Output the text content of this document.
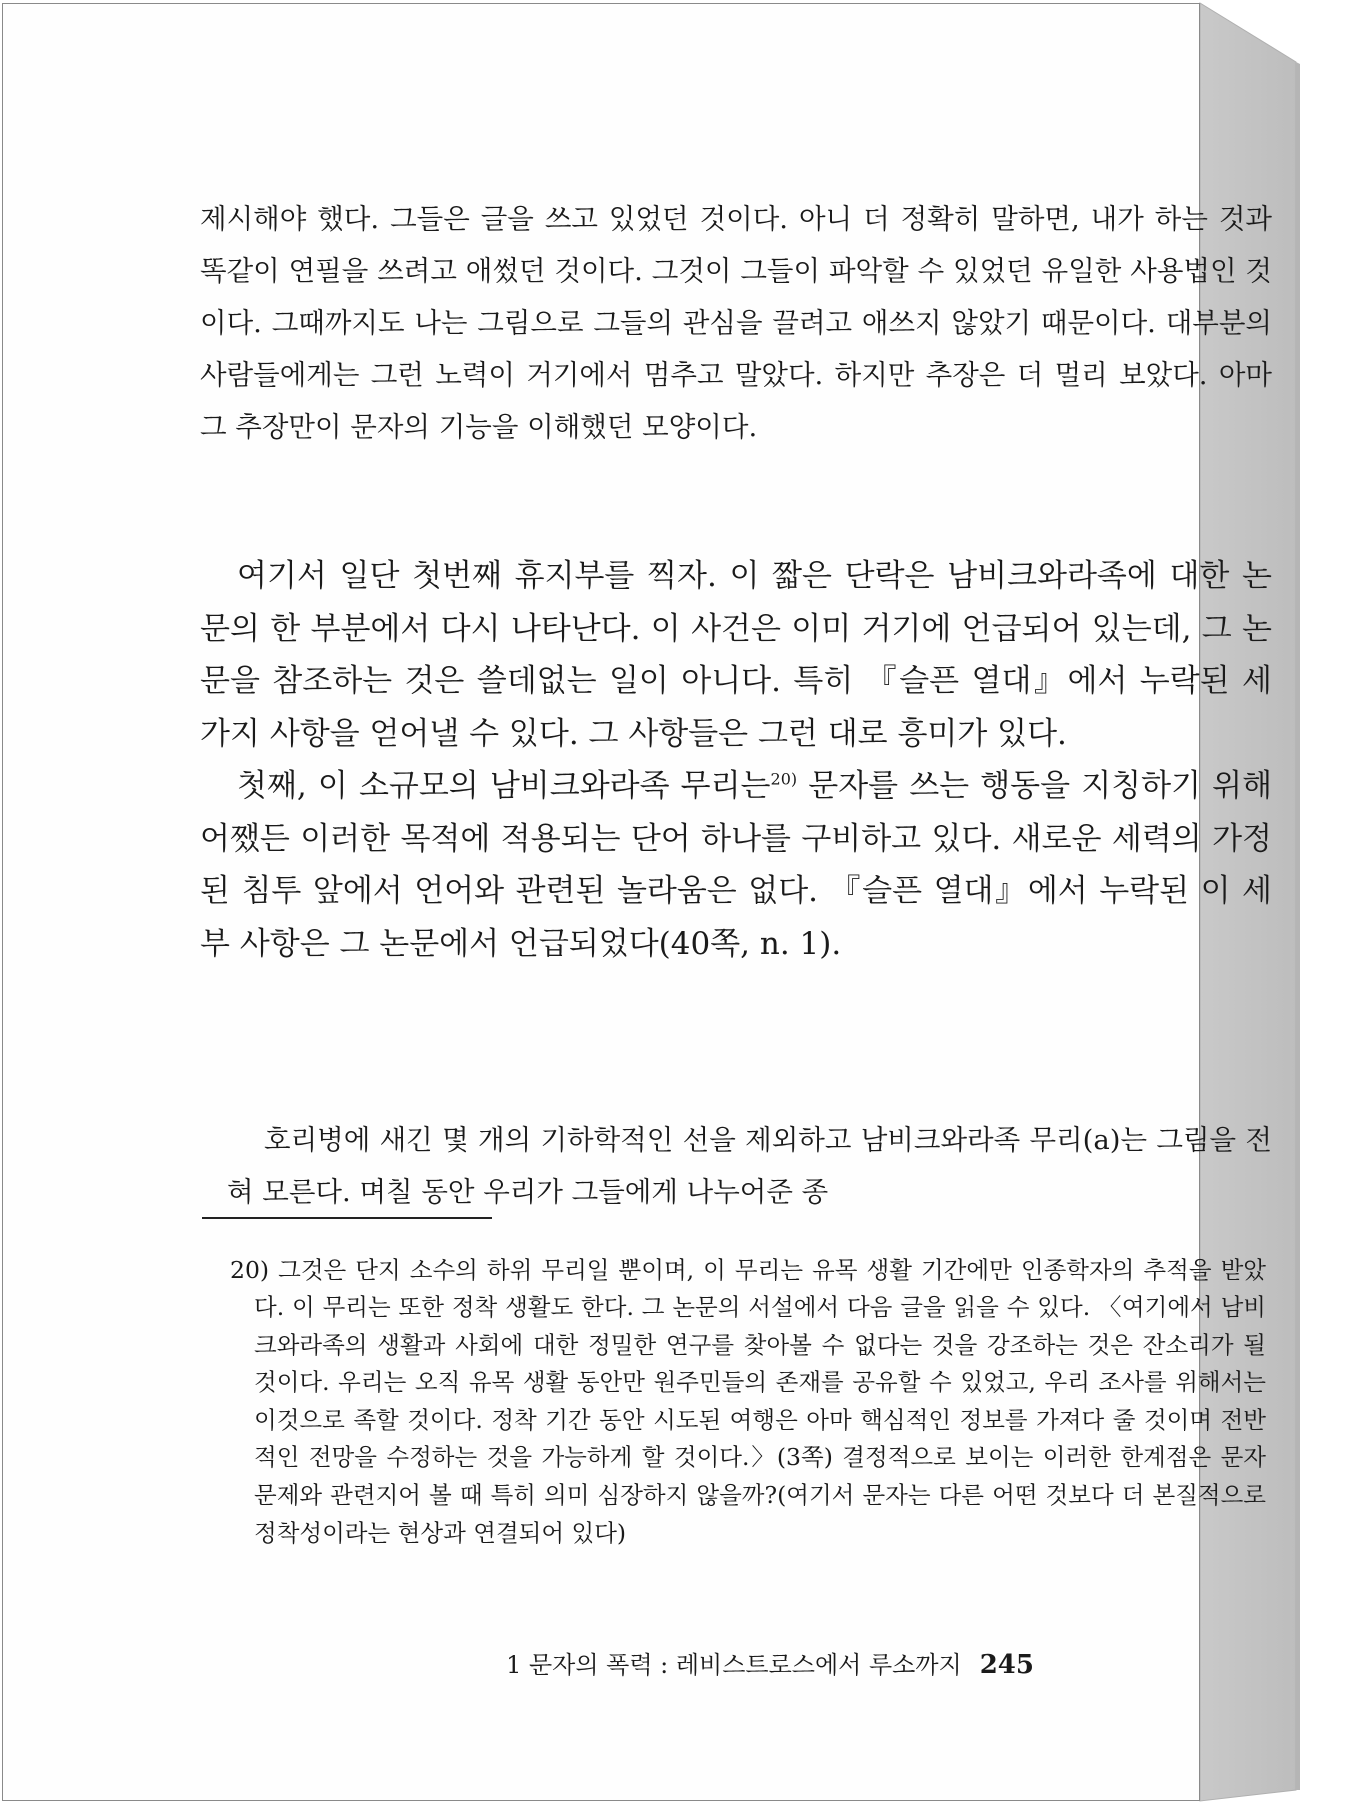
제시해야 했다. 그들은 글을 쓰고 있었던 것이다. 아니 더 정확히 말하면, 내가 하는 것과 똑같이 연필을 쓰려고 애썼던 것이다. 그것이 그들이 파악할 수 있었던 유일한 사용법인 것이다. 그때까지도 나는 그림으로 그들의 관심을 끌려고 애쓰지 않았기 때문이다. 대부분의 사람들에게는 그런 노력이 거기에서 멈추고 말았다. 하지만 추장은 더 멀리 보았다. 아마 그 추장만이 문자의 기능을 이해했던 모양이다.

여기서 일단 첫번째 휴지부를 찍자. 이 짧은 단락은 남비크와라족에 대한 논문의 한 부분에서 다시 나타난다. 이 사건은 이미 거기에 언급되어 있는데, 그 논문을 참조하는 것은 쓸데없는 일이 아니다. 특히 『슬픈 열대』에서 누락된 세 가지 사항을 얻어낼 수 있다. 그 사항들은 그런 대로 흥미가 있다.

첫째, 이 소규모의 남비크와라족 무리는$^{20)}$ 문자를 쓰는 행동을 지칭하기 위해 어쨌든 이러한 목적에 적용되는 단어 하나를 구비하고 있다. 새로운 세력의 가정된 침투 앞에서 언어와 관련된 놀라움은 없다. 『슬픈 열대』에서 누락된 이 세부 사항은 그 논문에서 언급되었다(40쪽, n. 1).

호리병에 새긴 몇 개의 기하학적인 선을 제외하고 남비크와라족 무리(a)는 그림을 전혀 모른다. 며칠 동안 우리가 그들에게 나누어준 종

20) 그것은 단지 소수의 하위 무리일 뿐이며, 이 무리는 유목 생활 기간에만 인종학자의 추적을 받았다. 이 무리는 또한 정착 생활도 한다. 그 논문의 서설에서 다음 글을 읽을 수 있다. 〈여기에서 남비크와라족의 생활과 사회에 대한 정밀한 연구를 찾아볼 수 없다는 것을 강조하는 것은 잔소리가 될 것이다. 우리는 오직 유목 생활 동안만 원주민들의 존재를 공유할 수 있었고, 우리 조사를 위해서는 이것으로 족할 것이다. 정착 기간 동안 시도된 여행은 아마 핵심적인 정보를 가져다 줄 것이며 전반적인 전망을 수정하는 것을 가능하게 할 것이다.〉(3쪽) 결정적으로 보이는 이러한 한계점은 문자 문제와 관련지어 볼 때 특히 의미 심장하지 않을까?(여기서 문자는 다른 어떤 것보다 더 본질적으로 정착성이라는 현상과 연결되어 있다)

1 문자의 폭력 : 레비스트로스에서 루소까지 245
